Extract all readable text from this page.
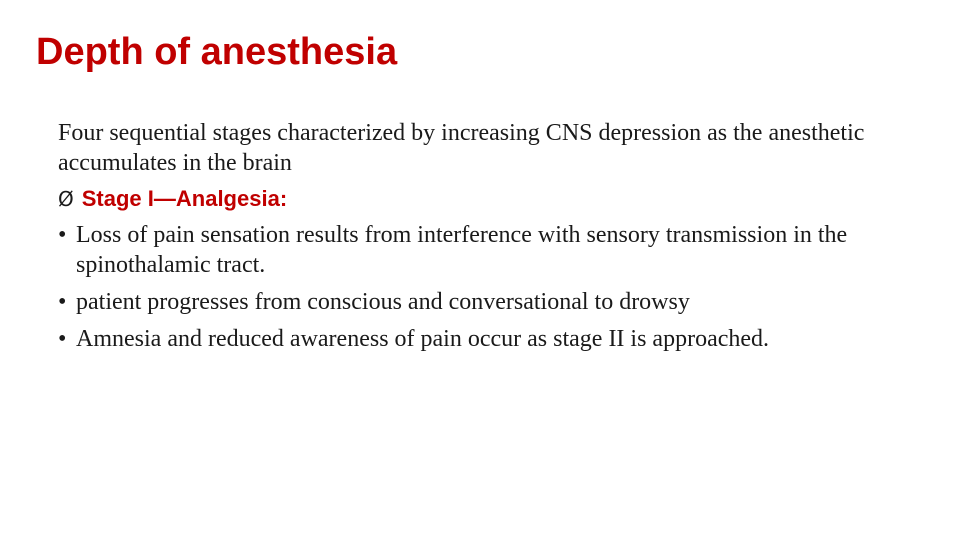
Depth of anesthesia

Four sequential stages characterized by increasing CNS depression as the anesthetic accumulates in the brain

Ø Stage I—Analgesia:
• Loss of pain sensation results from interference with sensory transmission in the spinothalamic tract.
• patient progresses from conscious and conversational to drowsy
• Amnesia and reduced awareness of pain occur as stage II is approached.
